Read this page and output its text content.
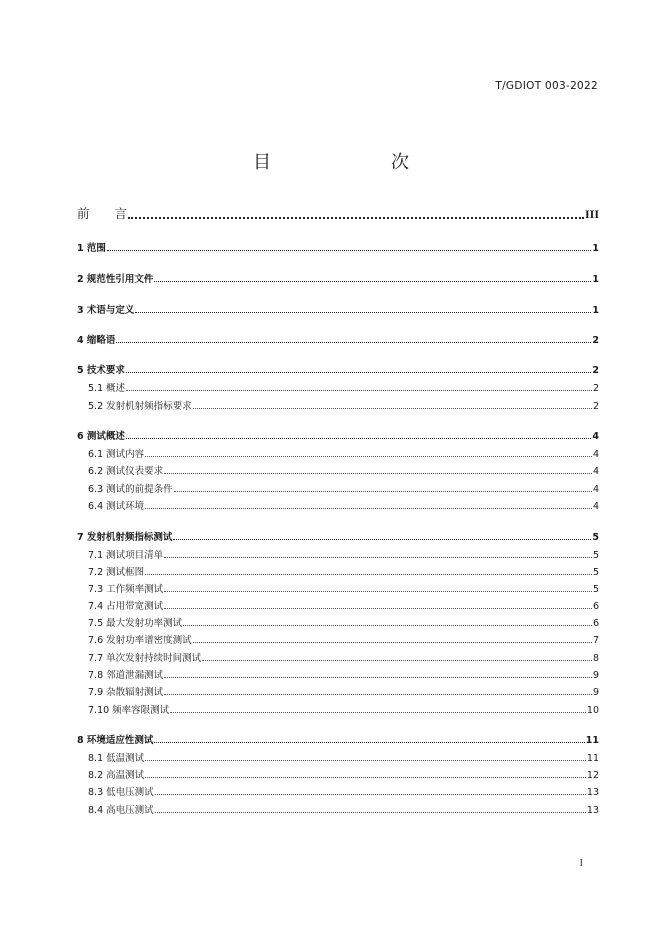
T/GDIOT 003-2022
目　　次
前　　言	III
1 范围	1
2 规范性引用文件	1
3 术语与定义	1
4 缩略语	2
5 技术要求	2
5.1 概述	2
5.2 发射机射频指标要求	2
6 测试概述	4
6.1 测试内容	4
6.2 测试仪表要求	4
6.3 测试的前提条件	4
6.4 测试环境	4
7 发射机射频指标测试	5
7.1 测试项目清单	5
7.2 测试框图	5
7.3 工作频率测试	5
7.4 占用带宽测试	6
7.5 最大发射功率测试	6
7.6 发射功率谱密度测试	7
7.7 单次发射持续时间测试	8
7.8 邻道泄漏测试	9
7.9 杂散辐射测试	9
7.10 频率容限测试	10
8 环境适应性测试	11
8.1 低温测试	11
8.2 高温测试	12
8.3 低电压测试	13
8.4 高电压测试	13
I
